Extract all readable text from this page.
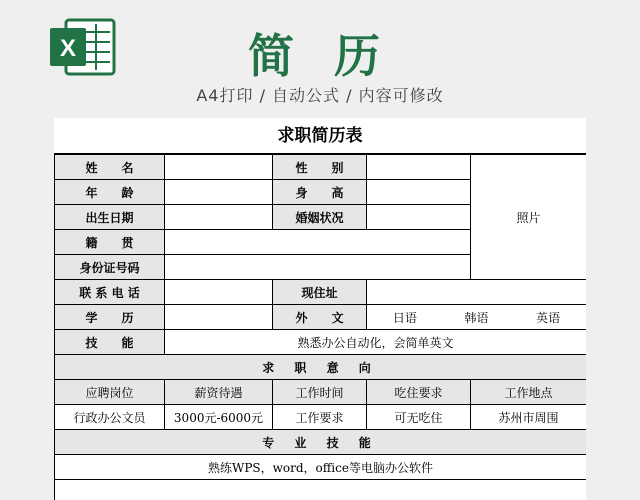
X	简 历
A4打印 / 自动公式 / 内容可修改
求职简历表
姓　　名		性　　别		照片
年　　龄		身　　高		
出生日期		婚姻状况		
籍　　贯				
身份证号码				
联 系 电 话		现住址		
学　　历		外　　文	日语 韩语 英语	

技　　能	熟悉办公自动化，会简单英文			
求 职 意 向				
应聘岗位	薪资待遇	工作时间	吃住要求	工作地点
行政办公文员	3000元-6000元	工作要求	可无吃住	苏州市周围
专 业 技 能				
熟练WPS，word，office等电脑办公软件				
